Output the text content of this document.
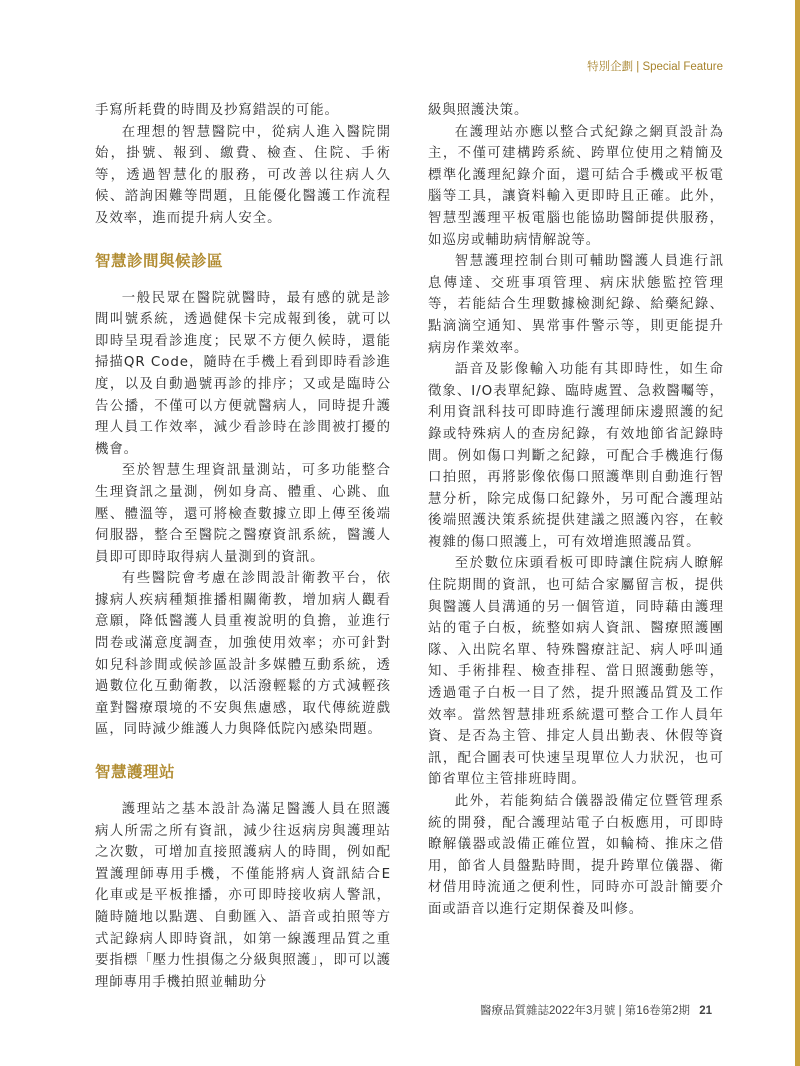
特別企劃 | Special Feature

手寫所耗費的時間及抄寫錯誤的可能。

在理想的智慧醫院中，從病人進入醫院開始，掛號、報到、繳費、檢查、住院、手術等，透過智慧化的服務，可改善以往病人久候、諮詢困難等問題，且能優化醫護工作流程及效率，進而提升病人安全。

智慧診間與候診區

一般民眾在醫院就醫時，最有感的就是診間叫號系統，透過健保卡完成報到後，就可以即時呈現看診進度；民眾不方便久候時，還能掃描QR Code，隨時在手機上看到即時看診進度，以及自動過號再診的排序；又或是臨時公告公播，不僅可以方便就醫病人，同時提升護理人員工作效率，減少看診時在診間被打擾的機會。

至於智慧生理資訊量測站，可多功能整合生理資訊之量測，例如身高、體重、心跳、血壓、體溫等，還可將檢查數據立即上傳至後端伺服器，整合至醫院之醫療資訊系統，醫護人員即可即時取得病人量測到的資訊。

有些醫院會考慮在診間設計衛教平台，依據病人疾病種類推播相關衛教，增加病人觀看意願，降低醫護人員重複說明的負擔，並進行問卷或滿意度調查，加強使用效率；亦可針對如兒科診間或候診區設計多媒體互動系統，透過數位化互動衛教，以活潑輕鬆的方式減輕孩童對醫療環境的不安與焦慮感，取代傳統遊戲區，同時減少維護人力與降低院內感染問題。

智慧護理站

護理站之基本設計為滿足醫護人員在照護病人所需之所有資訊，減少往返病房與護理站之次數，可增加直接照護病人的時間，例如配置護理師專用手機，不僅能將病人資訊結合E化車或是平板推播，亦可即時接收病人警訊，隨時隨地以點選、自動匯入、語音或拍照等方式記錄病人即時資訊，如第一線護理品質之重要指標「壓力性損傷之分級與照護」，即可以護理師專用手機拍照並輔助分

級與照護決策。

在護理站亦應以整合式紀錄之網頁設計為主，不僅可建構跨系統、跨單位使用之精簡及標準化護理紀錄介面，還可結合手機或平板電腦等工具，讓資料輸入更即時且正確。此外，智慧型護理平板電腦也能協助醫師提供服務，如巡房或輔助病情解說等。

智慧護理控制台則可輔助醫護人員進行訊息傳達、交班事項管理、病床狀態監控管理等，若能結合生理數據檢測紀錄、給藥紀錄、點滴滴空通知、異常事件警示等，則更能提升病房作業效率。

語音及影像輸入功能有其即時性，如生命徵象、I/O表單紀錄、臨時處置、急救醫囑等，利用資訊科技可即時進行護理師床邊照護的紀錄或特殊病人的查房紀錄，有效地節省記錄時間。例如傷口判斷之紀錄，可配合手機進行傷口拍照，再將影像依傷口照護準則自動進行智慧分析，除完成傷口紀錄外，另可配合護理站後端照護決策系統提供建議之照護內容，在較複雜的傷口照護上，可有效增進照護品質。

至於數位床頭看板可即時讓住院病人瞭解住院期間的資訊，也可結合家屬留言板，提供與醫護人員溝通的另一個管道，同時藉由護理站的電子白板，統整如病人資訊、醫療照護團隊、入出院名單、特殊醫療註記、病人呼叫通知、手術排程、檢查排程、當日照護動態等，透過電子白板一目了然，提升照護品質及工作效率。當然智慧排班系統還可整合工作人員年資、是否為主管、排定人員出勤表、休假等資訊，配合圖表可快速呈現單位人力狀況，也可節省單位主管排班時間。

此外，若能夠結合儀器設備定位暨管理系統的開發，配合護理站電子白板應用，可即時瞭解儀器或設備正確位置，如輪椅、推床之借用，節省人員盤點時間，提升跨單位儀器、衛材借用時流通之便利性，同時亦可設計簡要介面或語音以進行定期保養及叫修。

醫療品質雜誌2022年3月號 | 第16卷第2期 21
